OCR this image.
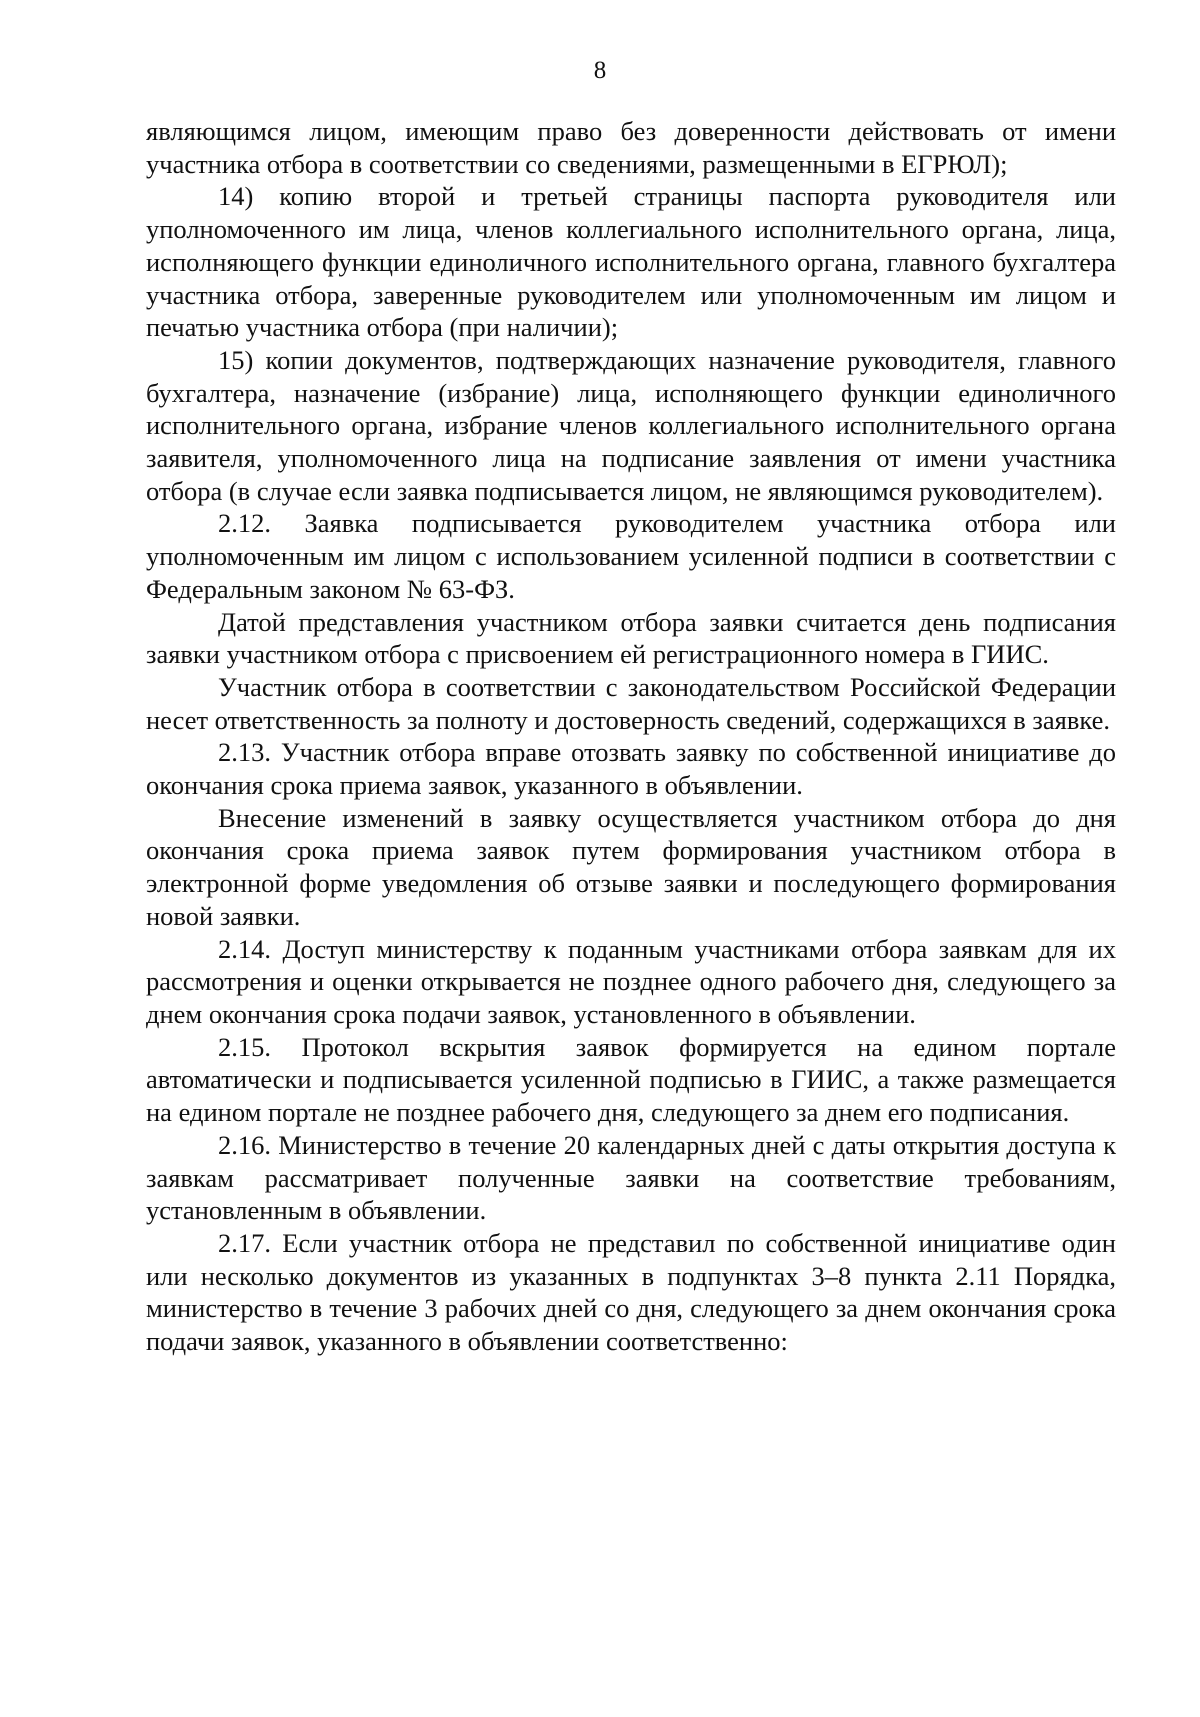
8

являющимся лицом, имеющим право без доверенности действовать от имени участника отбора в соответствии со сведениями, размещенными в ЕГРЮЛ);

14) копию второй и третьей страницы паспорта руководителя или уполномоченного им лица, членов коллегиального исполнительного органа, лица, исполняющего функции единоличного исполнительного органа, главного бухгалтера участника отбора, заверенные руководителем или уполномоченным им лицом и печатью участника отбора (при наличии);

15) копии документов, подтверждающих назначение руководителя, главного бухгалтера, назначение (избрание) лица, исполняющего функции единоличного исполнительного органа, избрание членов коллегиального исполнительного органа заявителя, уполномоченного лица на подписание заявления от имени участника отбора (в случае если заявка подписывается лицом, не являющимся руководителем).

2.12. Заявка подписывается руководителем участника отбора или уполномоченным им лицом с использованием усиленной подписи в соответствии с Федеральным законом № 63-ФЗ.

Датой представления участником отбора заявки считается день подписания заявки участником отбора с присвоением ей регистрационного номера в ГИИС.

Участник отбора в соответствии с законодательством Российской Федерации несет ответственность за полноту и достоверность сведений, содержащихся в заявке.

2.13. Участник отбора вправе отозвать заявку по собственной инициативе до окончания срока приема заявок, указанного в объявлении.

Внесение изменений в заявку осуществляется участником отбора до дня окончания срока приема заявок путем формирования участником отбора в электронной форме уведомления об отзыве заявки и последующего формирования новой заявки.

2.14. Доступ министерству к поданным участниками отбора заявкам для их рассмотрения и оценки открывается не позднее одного рабочего дня, следующего за днем окончания срока подачи заявок, установленного в объявлении.

2.15. Протокол вскрытия заявок формируется на едином портале автоматически и подписывается усиленной подписью в ГИИС, а также размещается на едином портале не позднее рабочего дня, следующего за днем его подписания.

2.16. Министерство в течение 20 календарных дней с даты открытия доступа к заявкам рассматривает полученные заявки на соответствие требованиям, установленным в объявлении.

2.17. Если участник отбора не представил по собственной инициативе один или несколько документов из указанных в подпунктах 3–8 пункта 2.11 Порядка, министерство в течение 3 рабочих дней со дня, следующего за днем окончания срока подачи заявок, указанного в объявлении соответственно:
